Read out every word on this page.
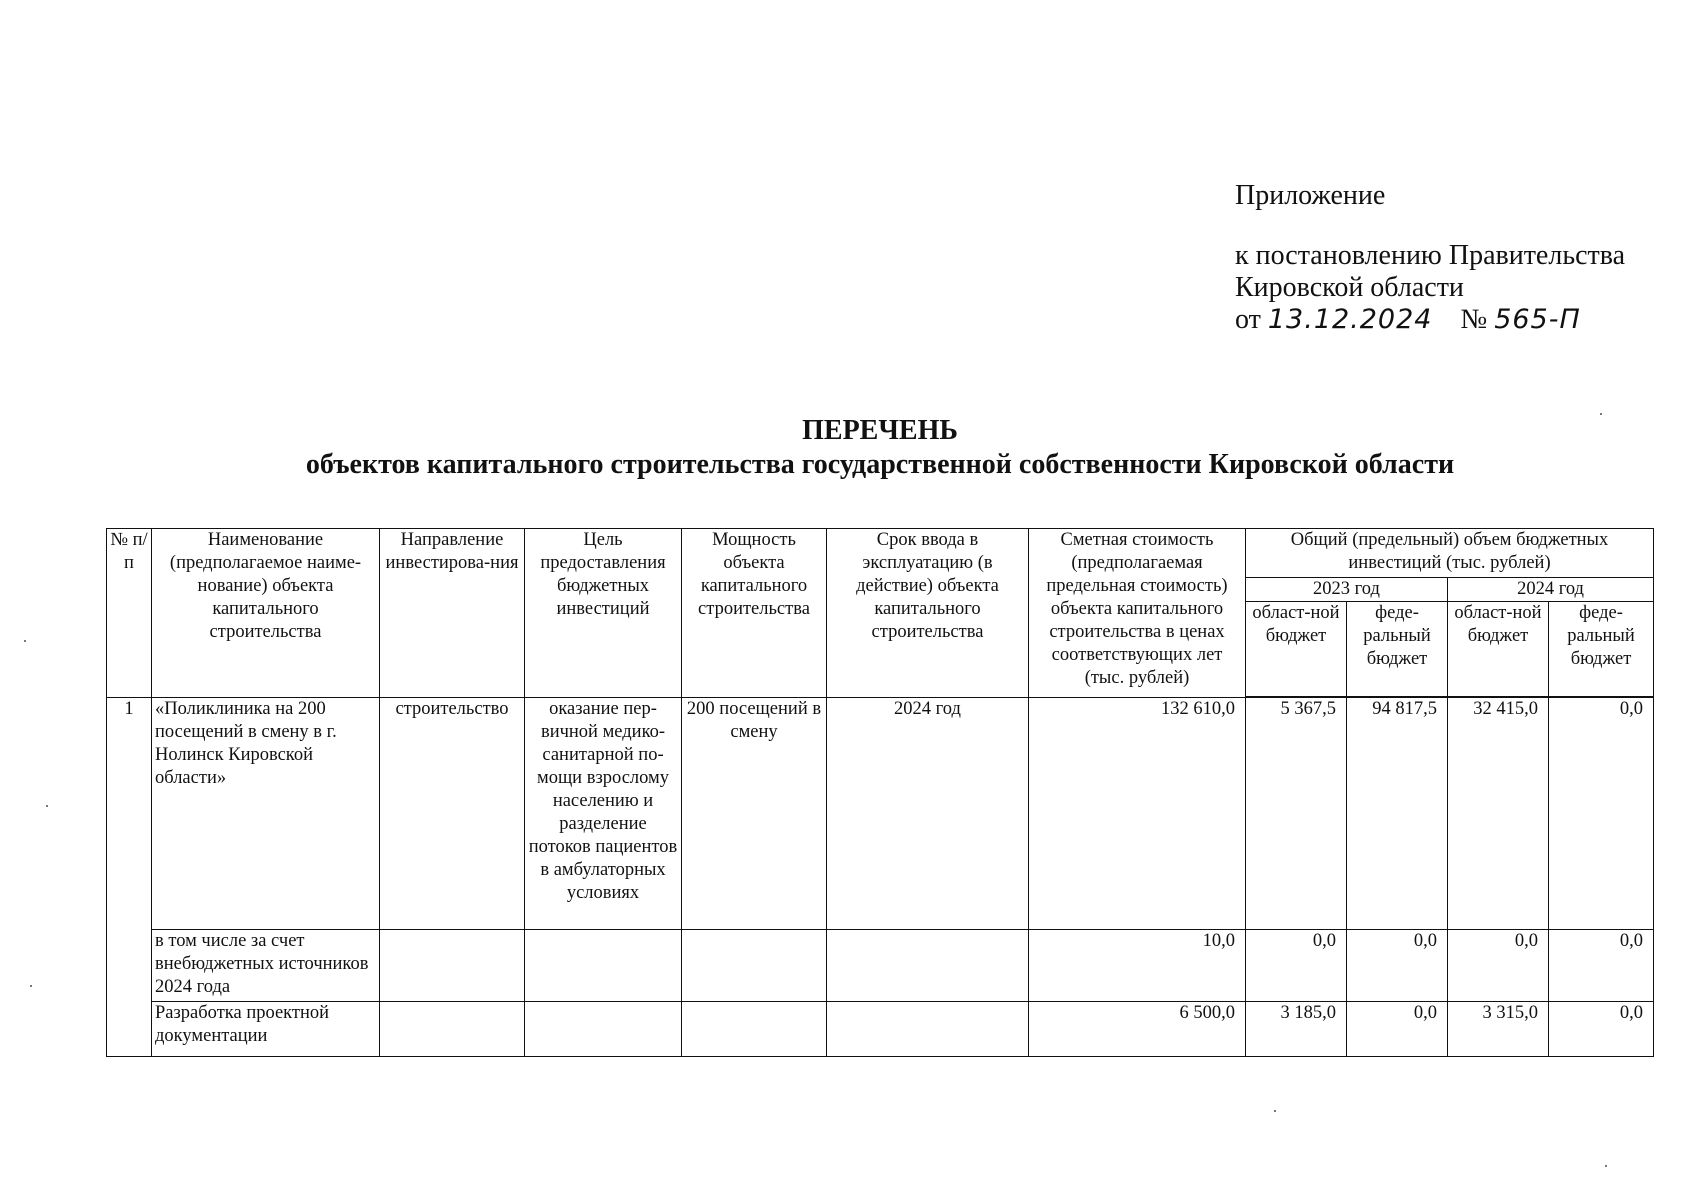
Приложение
к постановлению Правительства
Кировской области
от 13.12.2024 № 565-П
ПЕРЕЧЕНЬ
объектов капитального строительства государственной собственности Кировской области
№ п/п	Наименование (предполагаемое наиме-нование) объекта капитального строительства	Направление инвестирова-ния	Цель предоставления бюджетных инвестиций	Мощность объекта капитального строительства	Срок ввода в эксплуатацию (в действие) объекта капитального строительства	Сметная стоимость (предполагаемая предельная стоимость) объекта капитального строительства в ценах соответствующих лет (тыс. рублей)	Общий (предельный) объем бюджетных инвестиций (тыс. рублей)			
							2023 год		2024 год	
							област-ной бюджет	феде-ральный бюджет	област-ной бюджет	феде-ральный бюджет

1	«Поликлиника на 200 посещений в смену в г. Нолинск Кировской области»	строительство	оказание пер-вичной медико-санитарной по-мощи взрослому населению и разделение потоков пациентов в амбулаторных условиях	200 посещений в смену	2024 год	132 610,0	5 367,5	94 817,5	32 415,0	0,0
	в том числе за счет внебюджетных источников 2024 года					10,0	0,0	0,0	0,0	0,0
	Разработка проектной документации					6 500,0	3 185,0	0,0	3 315,0	0,0
